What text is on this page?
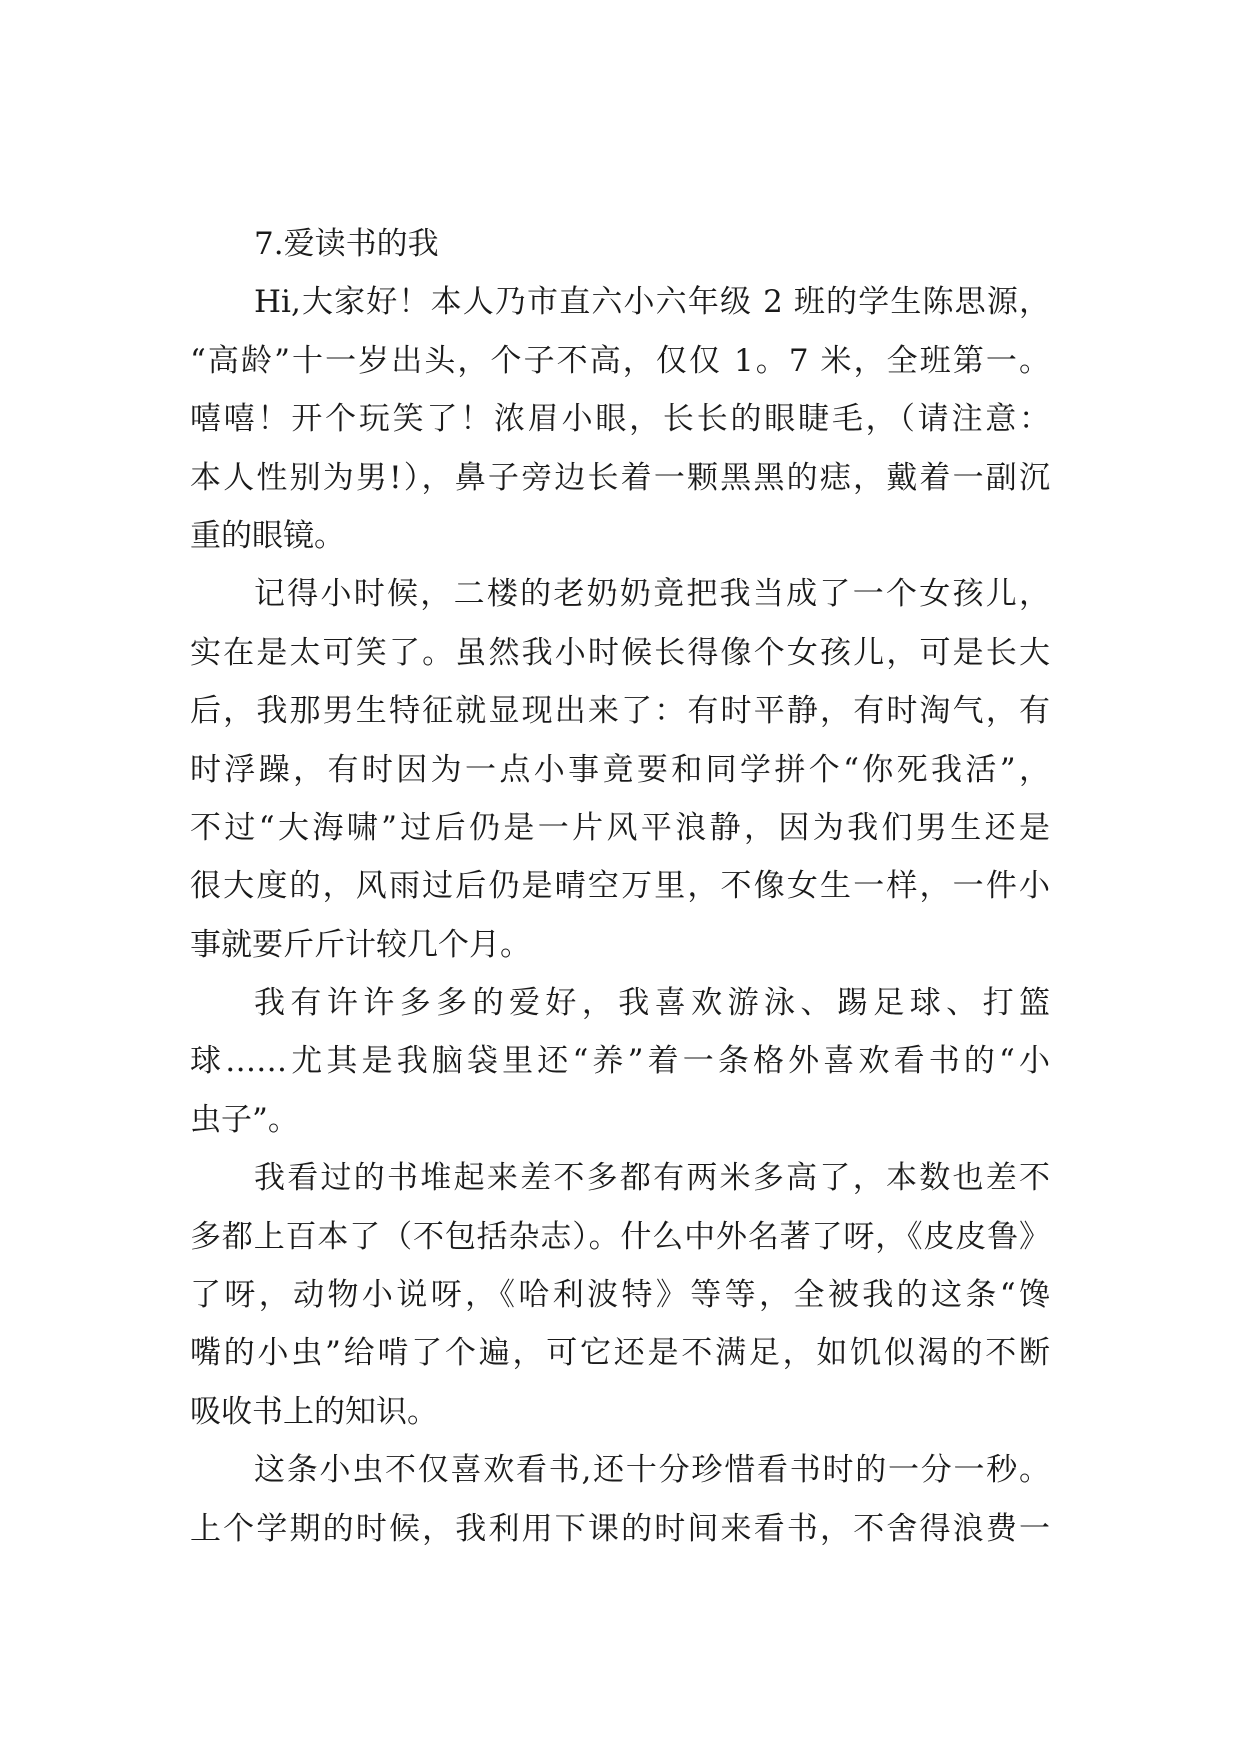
7.爱读书的我
Hi,大家好！本人乃市直六小六年级 2 班的学生陈思源，
“高龄”十一岁出头，个子不高，仅仅 1。7 米，全班第一。
嘻嘻！开个玩笑了！浓眉小眼，长长的眼睫毛，（请注意：
本人性别为男!），鼻子旁边长着一颗黑黑的痣，戴着一副沉
重的眼镜。
记得小时候，二楼的老奶奶竟把我当成了一个女孩儿，
实在是太可笑了。虽然我小时候长得像个女孩儿，可是长大
后，我那男生特征就显现出来了：有时平静，有时淘气，有
时浮躁，有时因为一点小事竟要和同学拼个“你死我活”，
不过“大海啸”过后仍是一片风平浪静，因为我们男生还是
很大度的，风雨过后仍是晴空万里，不像女生一样，一件小
事就要斤斤计较几个月。
我有许许多多的爱好，我喜欢游泳、踢足球、打篮
球……尤其是我脑袋里还“养”着一条格外喜欢看书的“小
虫子”。
我看过的书堆起来差不多都有两米多高了，本数也差不
多都上百本了（不包括杂志）。什么中外名著了呀，《皮皮鲁》
了呀，动物小说呀，《哈利波特》等等，全被我的这条“馋
嘴的小虫”给啃了个遍，可它还是不满足，如饥似渴的不断
吸收书上的知识。
这条小虫不仅喜欢看书,还十分珍惜看书时的一分一秒。
上个学期的时候，我利用下课的时间来看书，不舍得浪费一
